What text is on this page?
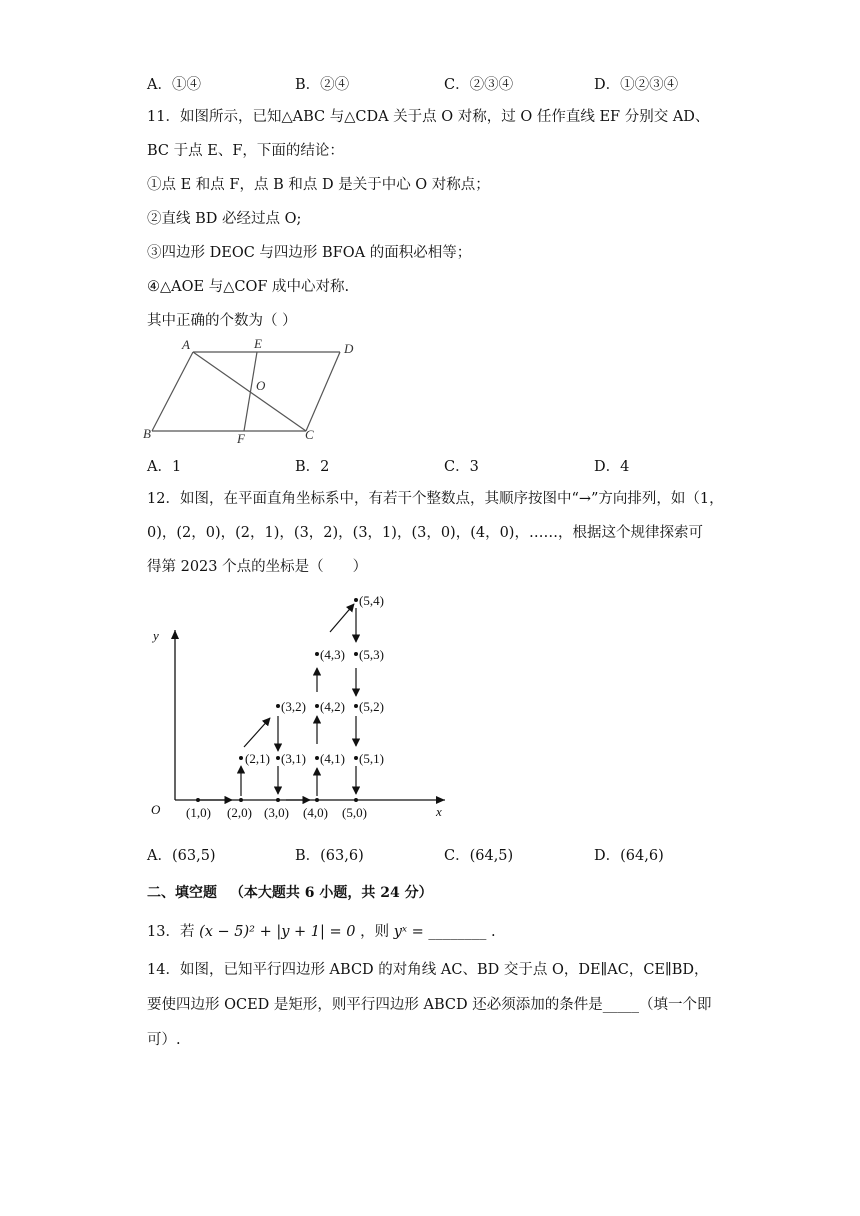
A．①④	B．②④	C．②③④	D．①②③④
11．如图所示，已知△ABC 与△CDA 关于点 O 对称，过 O 任作直线 EF 分别交 AD、
BC 于点 E、F，下面的结论：
①点 E 和点 F，点 B 和点 D 是关于中心 O 对称点；
②直线 BD 必经过点 O;
③四边形 DEOC 与四边形 BFOA 的面积必相等；
④△AOE 与△COF 成中心对称.
其中正确的个数为（ ）
A	E	D
O
B	F	C
A．1	B．2	C．3	D．4
12．如图，在平面直角坐标系中，有若干个整数点，其顺序按图中“→”方向排列，如（1，
0)，(2，0)，(2，1)，(3，2)，(3，1)，(3，0)，(4，0)，……，根据这个规律探索可
得第 2023 个点的坐标是（　　）
y
x
O (1,0) (2,0) (3,0) (4,0) (5,0)
(2,1) (3,1) (4,1) (5,1)
(3,2) (4,2) (5,2)
(4,3) (5,3)
(5,4)
A．(63,5)	B．(63,6)	C．(64,5)	D．(64,6)
二、填空题 （本大题共 6 小题，共 24 分）
13．若 (x − 5)² + |y + 1| = 0 ，则 yˣ = ________ .
14．如图，已知平行四边形 ABCD 的对角线 AC、BD 交于点 O，DE∥AC，CE∥BD，
要使四边形 OCED 是矩形，则平行四边形 ABCD 还必须添加的条件是_____（填一个即
可）.
